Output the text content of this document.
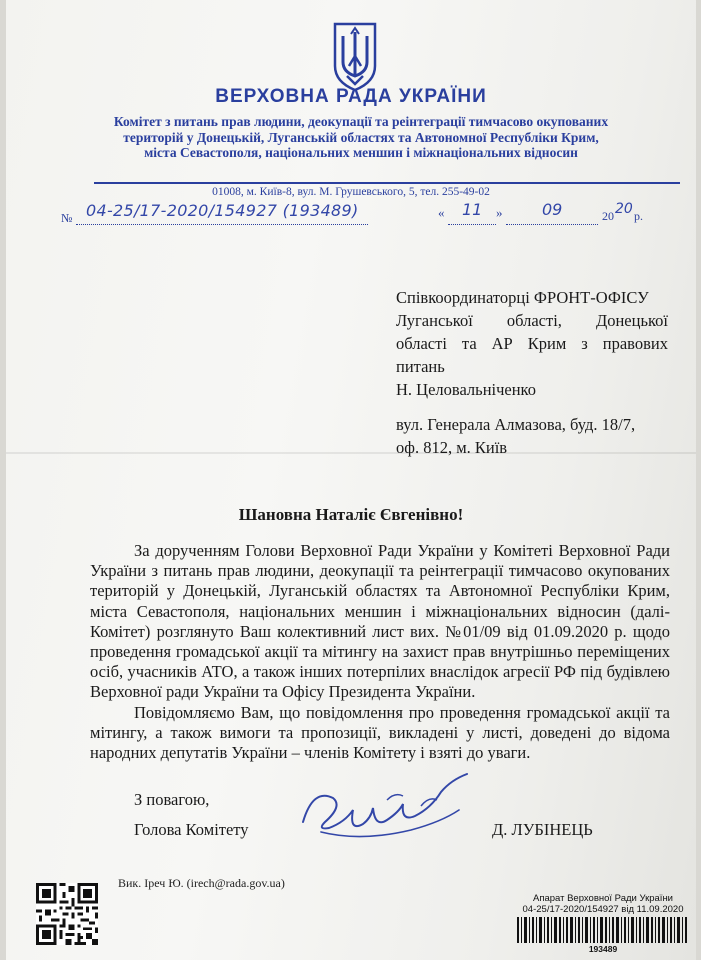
ВЕРХОВНА РАДА УКРАЇНИ
Комітет з питань прав людини, деокупації та реінтеграції тимчасово окупованих
територій у Донецькій, Луганській областях та Автономної Республіки Крим,
міста Севастополя, національних меншин і міжнаціональних відносин
01008, м. Київ-8, вул. М. Грушевського, 5, тел. 255-49-02
№ 04-25/17-2020/154927 (193489)	« 11 » 09	20 20 р.
Співкоординаторці ФРОНТ-ОФІСУ
Луганської області, Донецької
області та АР Крим з правових
питань
Н. Целовальніченко
вул. Генерала Алмазова, буд. 18/7,
оф. 812, м. Київ
Шановна Наталіє Євгенівно!

За дорученням Голови Верховної Ради України у Комітеті Верховної Ради України з питань прав людини, деокупації та реінтеграції тимчасово окупованих територій у Донецькій, Луганській областях та Автономної Республіки Крим, міста Севастополя, національних меншин і міжнаціональних відносин (далі-Комітет) розглянуто Ваш колективний лист вих. №01/09 від 01.09.2020 р. щодо проведення громадської акції та мітингу на захист прав внутрішньо переміщених осіб, учасників АТО, а також інших потерпілих внаслідок агресії РФ під будівлею Верховної ради України та Офісу Президента України.

Повідомляємо Вам, що повідомлення про проведення громадської акції та мітингу, а також вимоги та пропозиції, викладені у листі, доведені до відома народних депутатів України – членів Комітету і взяті до уваги.

З повагою,
Голова Комітету	Д. ЛУБІНЕЦЬ
Вик. Іреч Ю. (irech@rada.gov.ua)
Апарат Верховної Ради України
04-25/17-2020/154927 від 11.09.2020
193489
